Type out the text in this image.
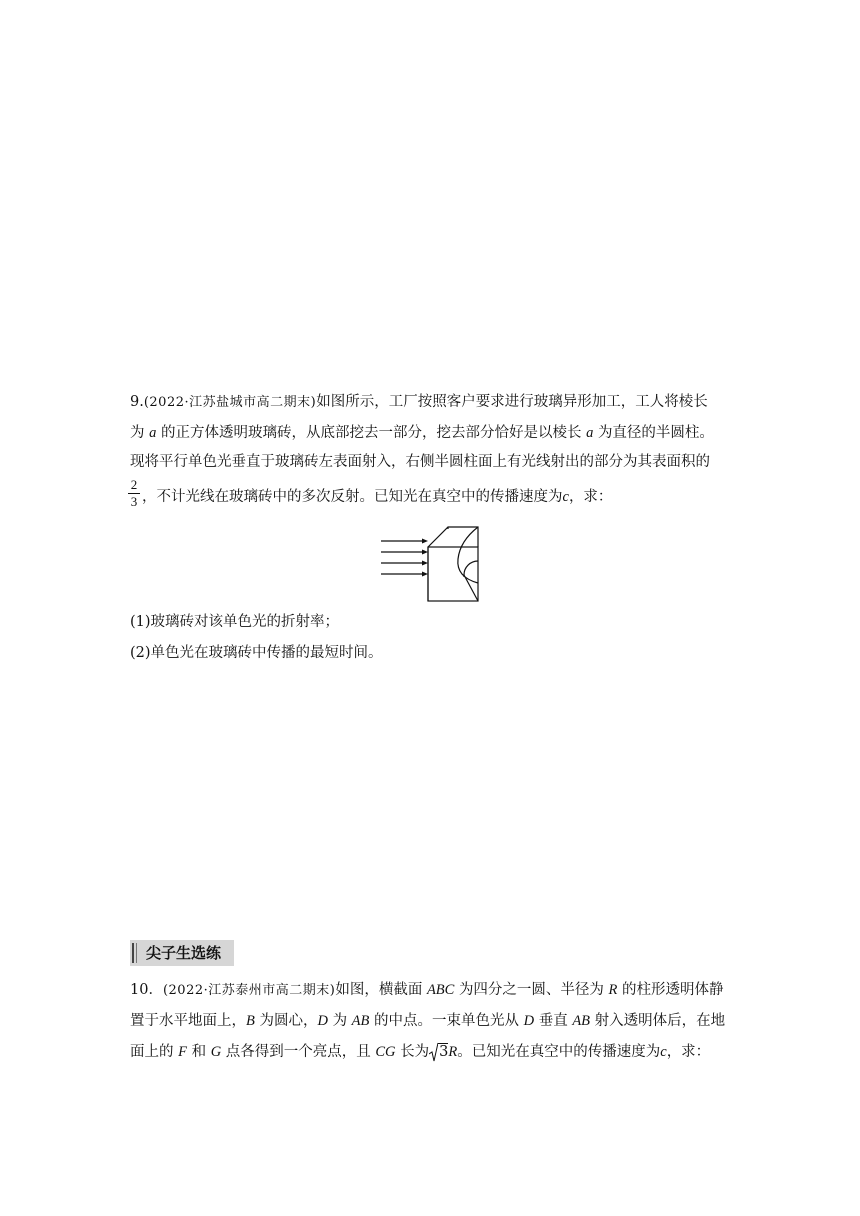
9.(2022·江苏盐城市高二期末)如图所示，工厂按照客户要求进行玻璃异形加工，工人将棱长
为 a 的正方体透明玻璃砖，从底部挖去一部分，挖去部分恰好是以棱长 a 为直径的半圆柱。
现将平行单色光垂直于玻璃砖左表面射入，右侧半圆柱面上有光线射出的部分为其表面积的
2
3 ，不计光线在玻璃砖中的多次反射。已知光在真空中的传播速度为c，求：
(1)玻璃砖对该单色光的折射率；
(2)单色光在玻璃砖中传播的最短时间。
尖子生选练
10．(2022·江苏泰州市高二期末)如图，横截面 ABC 为四分之一圆、半径为 R 的柱形透明体静
置于水平地面上，B 为圆心，D 为 AB 的中点。一束单色光从 D 垂直 AB 射入透明体后，在地
面上的 F 和 G 点各得到一个亮点，且 CG 长为 3R。已知光在真空中的传播速度为c，求：
